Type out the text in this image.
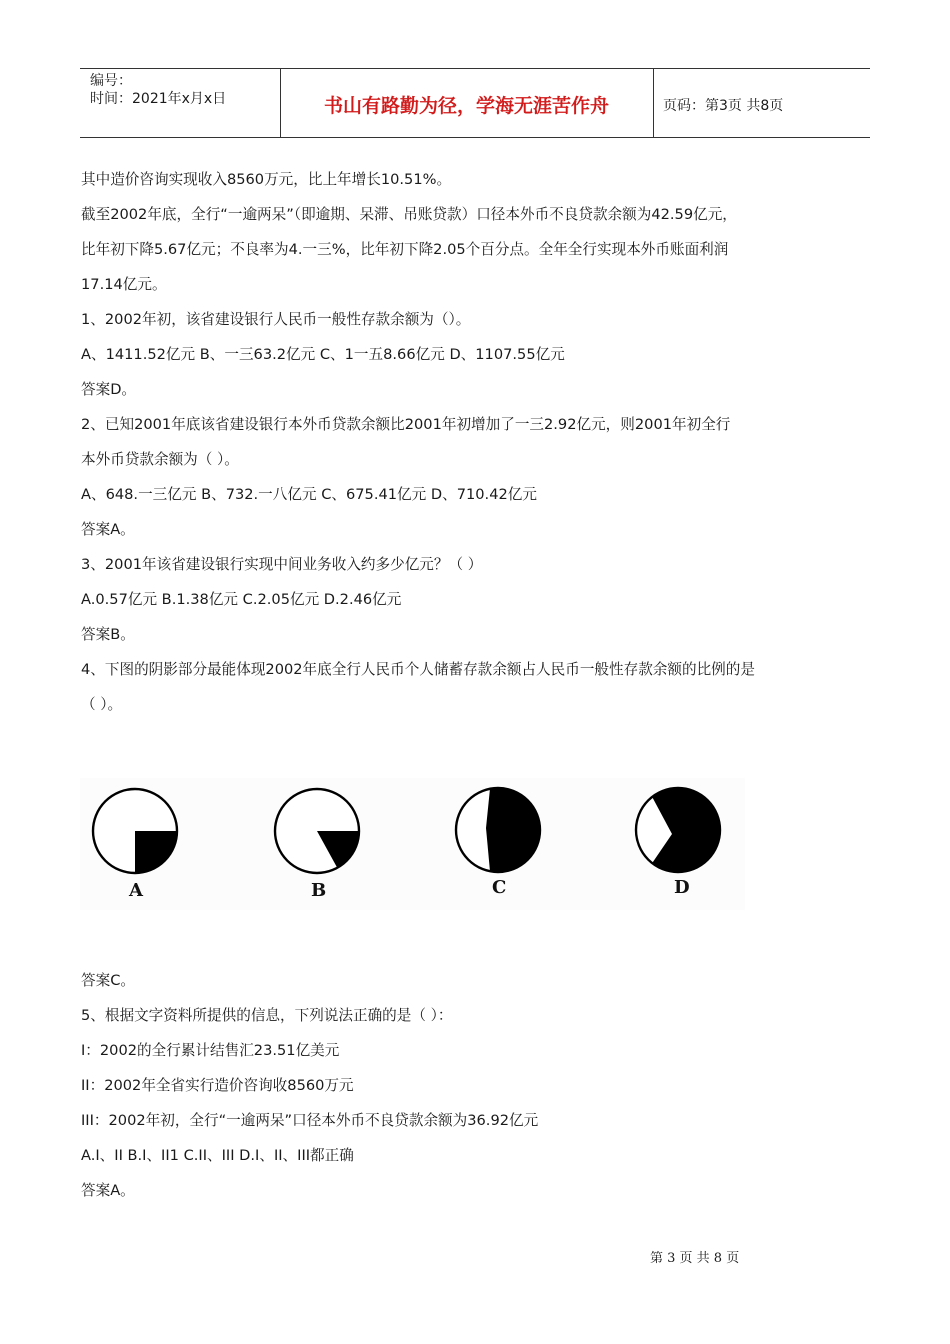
编号：
时间：2021年x月x日	书山有路勤为径，学海无涯苦作舟	页码：第3页 共8页

其中造价咨询实现收入8560万元，比上年增长10.51%。

截至2002年底，全行“一逾两呆”（即逾期、呆滞、吊账贷款）口径本外币不良贷款余额为42.59亿元，

比年初下降5.67亿元；不良率为4.一三%，比年初下降2.05个百分点。全年全行实现本外币账面利润

17.14亿元。

1、2002年初，该省建设银行人民币一般性存款余额为（）。

A、1411.52亿元 B、一三63.2亿元 C、1一五8.66亿元 D、1107.55亿元

答案D。

2、已知2001年底该省建设银行本外币贷款余额比2001年初增加了一三2.92亿元，则2001年初全行

本外币贷款余额为（ ）。

A、648.一三亿元 B、732.一八亿元 C、675.41亿元 D、710.42亿元

答案A。

3、2001年该省建设银行实现中间业务收入约多少亿元？（ ）

A.0.57亿元 B.1.38亿元 C.2.05亿元 D.2.46亿元

答案B。

4、下图的阴影部分最能体现2002年底全行人民币个人储蓄存款余额占人民币一般性存款余额的比例的是

（ ）。

A	B	C	D

答案C。

5、根据文字资料所提供的信息，下列说法正确的是（ ）：

I：2002的全行累计结售汇23.51亿美元

II：2002年全省实行造价咨询收8560万元

III：2002年初，全行“一逾两呆”口径本外币不良贷款余额为36.92亿元

A.I、II B.I、II1 C.II、III D.I、II、III都正确

答案A。

第 3 页 共 8 页
